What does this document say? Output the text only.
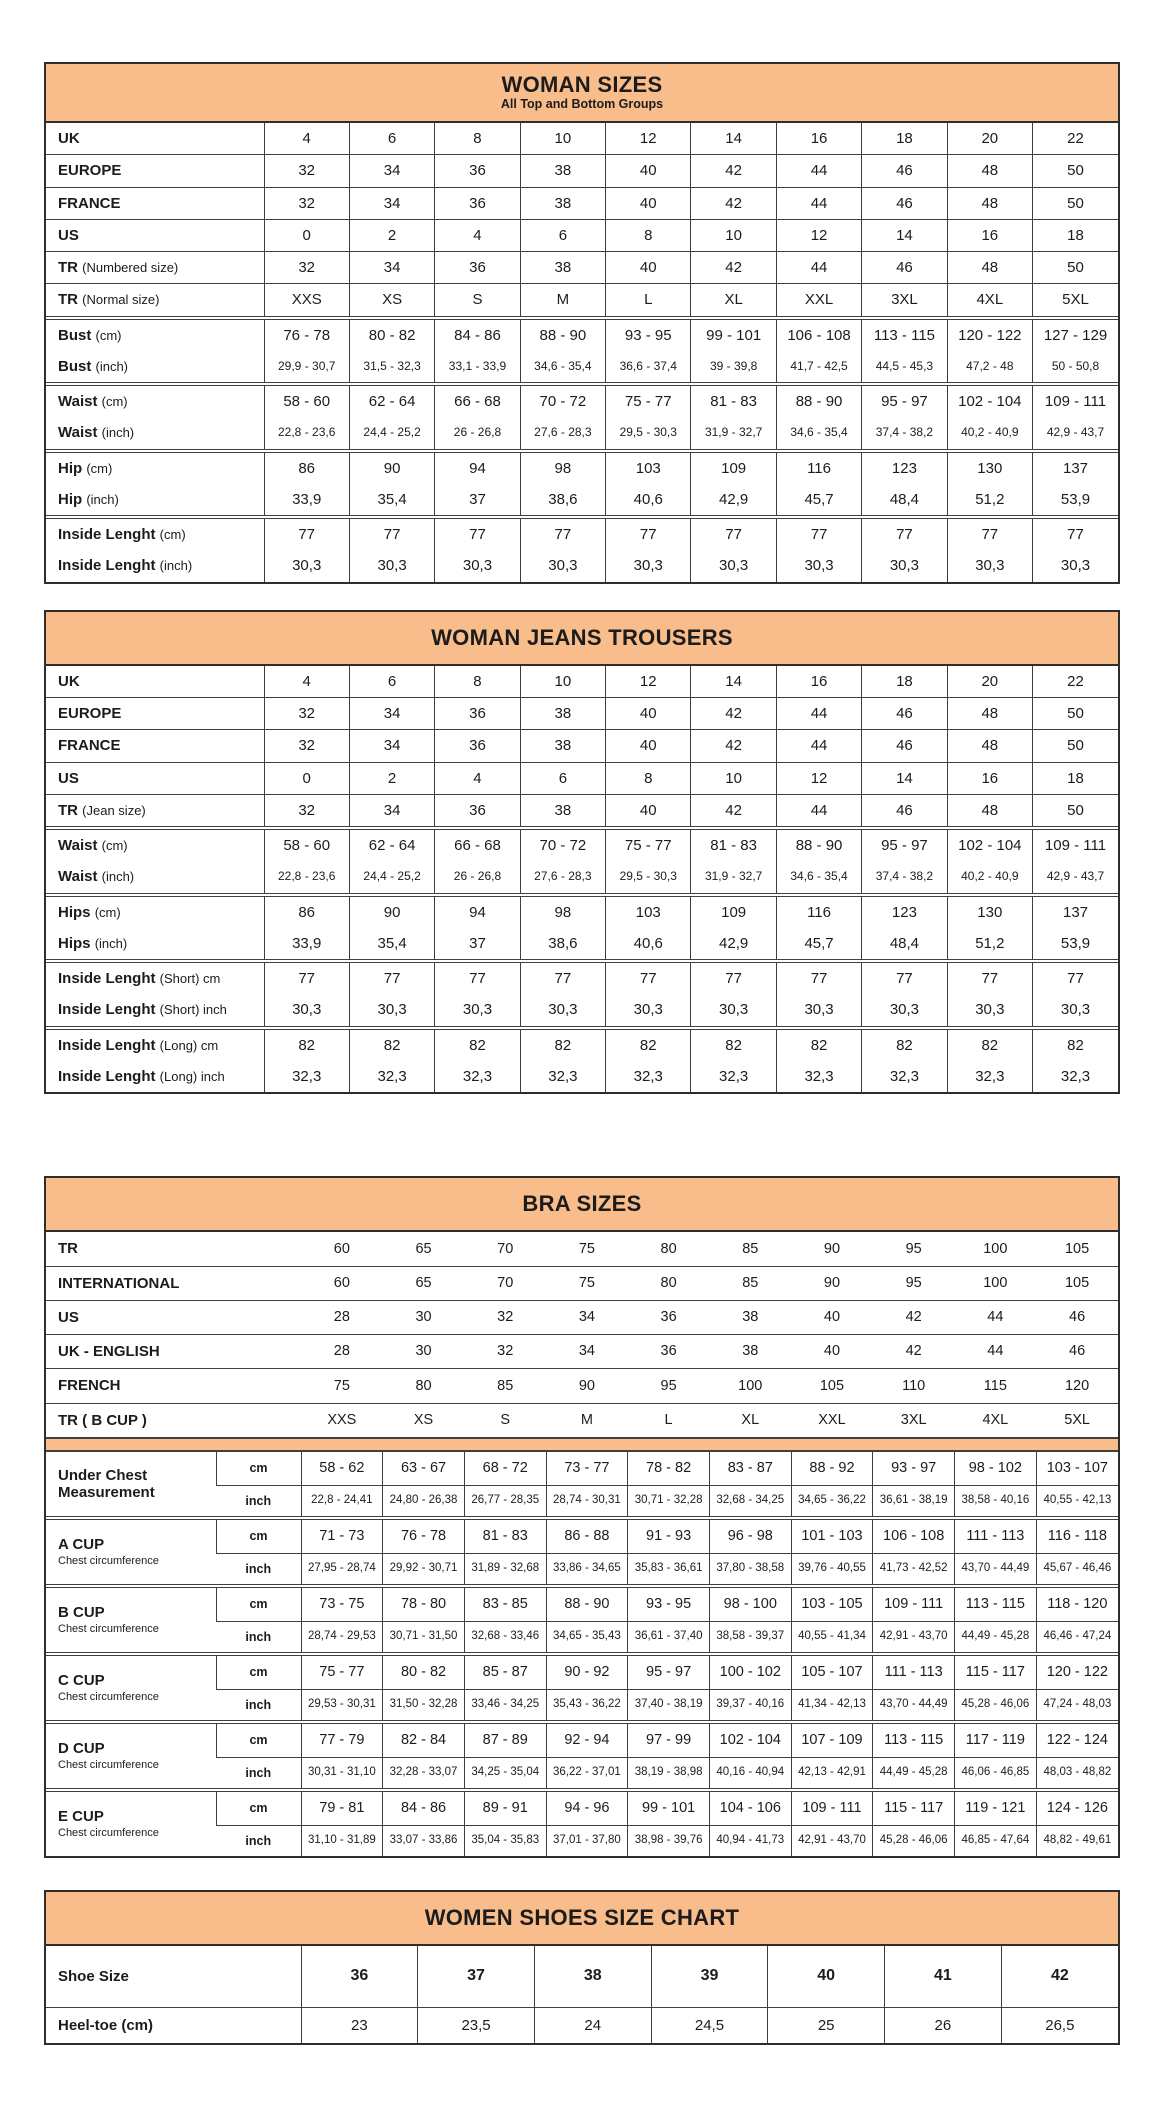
WOMAN SIZES
All Top and Bottom Groups
UK	4	6	8	10	12	14	16	18	20	22
EUROPE	32	34	36	38	40	42	44	46	48	50
FRANCE	32	34	36	38	40	42	44	46	48	50
US	0	2	4	6	8	10	12	14	16	18
TR (Numbered size)	32	34	36	38	40	42	44	46	48	50
TR (Normal size)	XXS	XS	S	M	L	XL	XXL	3XL	4XL	5XL
Bust (cm)	76 - 78	80 - 82	84 - 86	88 - 90	93 - 95	99 - 101	106 - 108	113 - 115	120 - 122	127 - 129
Bust (inch)	29,9 - 30,7	31,5 - 32,3	33,1 - 33,9	34,6 - 35,4	36,6 - 37,4	39 - 39,8	41,7 - 42,5	44,5 - 45,3	47,2 - 48	50 - 50,8
Waist (cm)	58 - 60	62 - 64	66 - 68	70 - 72	75 - 77	81 - 83	88 - 90	95 - 97	102 - 104	109 - 111
Waist (inch)	22,8 - 23,6	24,4 - 25,2	26 - 26,8	27,6 - 28,3	29,5 - 30,3	31,9 - 32,7	34,6 - 35,4	37,4 - 38,2	40,2 - 40,9	42,9 - 43,7
Hip (cm)	86	90	94	98	103	109	116	123	130	137
Hip (inch)	33,9	35,4	37	38,6	40,6	42,9	45,7	48,4	51,2	53,9
Inside Lenght (cm)	77	77	77	77	77	77	77	77	77	77
Inside Lenght (inch)	30,3	30,3	30,3	30,3	30,3	30,3	30,3	30,3	30,3	30,3
WOMAN JEANS TROUSERS
UK	4	6	8	10	12	14	16	18	20	22
EUROPE	32	34	36	38	40	42	44	46	48	50
FRANCE	32	34	36	38	40	42	44	46	48	50
US	0	2	4	6	8	10	12	14	16	18
TR (Jean size)	32	34	36	38	40	42	44	46	48	50
Waist (cm)	58 - 60	62 - 64	66 - 68	70 - 72	75 - 77	81 - 83	88 - 90	95 - 97	102 - 104	109 - 111
Waist (inch)	22,8 - 23,6	24,4 - 25,2	26 - 26,8	27,6 - 28,3	29,5 - 30,3	31,9 - 32,7	34,6 - 35,4	37,4 - 38,2	40,2 - 40,9	42,9 - 43,7
Hips (cm)	86	90	94	98	103	109	116	123	130	137
Hips (inch)	33,9	35,4	37	38,6	40,6	42,9	45,7	48,4	51,2	53,9
Inside Lenght (Short) cm	77	77	77	77	77	77	77	77	77	77
Inside Lenght (Short) inch	30,3	30,3	30,3	30,3	30,3	30,3	30,3	30,3	30,3	30,3
Inside Lenght (Long) cm	82	82	82	82	82	82	82	82	82	82
Inside Lenght (Long) inch	32,3	32,3	32,3	32,3	32,3	32,3	32,3	32,3	32,3	32,3
BRA SIZES
TR		60	65	70	75	80	85	90	95	100	105
INTERNATIONAL		60	65	70	75	80	85	90	95	100	105
US		28	30	32	34	36	38	40	42	44	46
UK - ENGLISH		28	30	32	34	36	38	40	42	44	46
FRENCH		75	80	85	90	95	100	105	110	115	120
TR ( B CUP )		XXS	XS	S	M	L	XL	XXL	3XL	4XL	5XL

Under Chest Measurement	cm	58 - 62	63 - 67	68 - 72	73 - 77	78 - 82	83 - 87	88 - 92	93 - 97	98 - 102	103 - 107
	inch	22,8 - 24,41	24,80 - 26,38	26,77 - 28,35	28,74 - 30,31	30,71 - 32,28	32,68 - 34,25	34,65 - 36,22	36,61 - 38,19	38,58 - 40,16	40,55 - 42,13
A CUP
Chest circumference	cm	71 - 73	76 - 78	81 - 83	86 - 88	91 - 93	96 - 98	101 - 103	106 - 108	111 - 113	116 - 118
	inch	27,95 - 28,74	29,92 - 30,71	31,89 - 32,68	33,86 - 34,65	35,83 - 36,61	37,80 - 38,58	39,76 - 40,55	41,73 - 42,52	43,70 - 44,49	45,67 - 46,46
B CUP
Chest circumference	cm	73 - 75	78 - 80	83 - 85	88 - 90	93 - 95	98 - 100	103 - 105	109 - 111	113 - 115	118 - 120
	inch	28,74 - 29,53	30,71 - 31,50	32,68 - 33,46	34,65 - 35,43	36,61 - 37,40	38,58 - 39,37	40,55 - 41,34	42,91 - 43,70	44,49 - 45,28	46,46 - 47,24
C CUP
Chest circumference	cm	75 - 77	80 - 82	85 - 87	90 - 92	95 - 97	100 - 102	105 - 107	111 - 113	115 - 117	120 - 122
	inch	29,53 - 30,31	31,50 - 32,28	33,46 - 34,25	35,43 - 36,22	37,40 - 38,19	39,37 - 40,16	41,34 - 42,13	43,70 - 44,49	45,28 - 46,06	47,24 - 48,03
D CUP
Chest circumference	cm	77 - 79	82 - 84	87 - 89	92 - 94	97 - 99	102 - 104	107 - 109	113 - 115	117 - 119	122 - 124
	inch	30,31 - 31,10	32,28 - 33,07	34,25 - 35,04	36,22 - 37,01	38,19 - 38,98	40,16 - 40,94	42,13 - 42,91	44,49 - 45,28	46,06 - 46,85	48,03 - 48,82
E CUP
Chest circumference	cm	79 - 81	84 - 86	89 - 91	94 - 96	99 - 101	104 - 106	109 - 111	115 - 117	119 - 121	124 - 126
	inch	31,10 - 31,89	33,07 - 33,86	35,04 - 35,83	37,01 - 37,80	38,98 - 39,76	40,94 - 41,73	42,91 - 43,70	45,28 - 46,06	46,85 - 47,64	48,82 - 49,61
WOMEN SHOES SIZE CHART
Shoe Size	36	37	38	39	40	41	42
Heel-toe (cm)	23	23,5	24	24,5	25	26	26,5
